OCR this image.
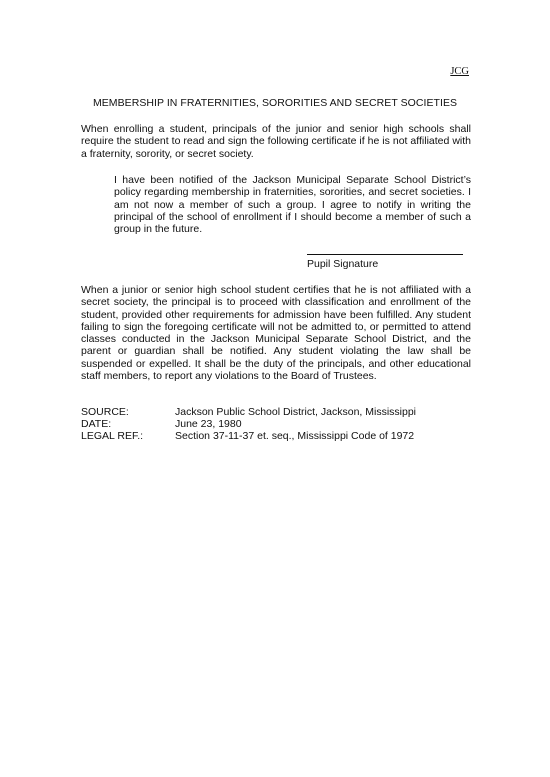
JCG
MEMBERSHIP IN FRATERNITIES, SORORITIES AND SECRET SOCIETIES
When enrolling a student, principals of the junior and senior high schools shall require the student to read and sign the following certificate if he is not affiliated with a fraternity, sorority, or secret society.
I have been notified of the Jackson Municipal Separate School District’s policy regarding membership in fraternities, sororities, and secret societies. I am not now a member of such a group. I agree to notify in writing the principal of the school of enrollment if I should become a member of such a group in the future.
Pupil Signature
When a junior or senior high school student certifies that he is not affiliated with a secret society, the principal is to proceed with classification and enrollment of the student, provided other requirements for admission have been fulfilled. Any student failing to sign the foregoing certificate will not be admitted to, or permitted to attend classes conducted in the Jackson Municipal Separate School District, and the parent or guardian shall be notified. Any student violating the law shall be suspended or expelled. It shall be the duty of the principals, and other educational staff members, to report any violations to the Board of Trustees.
SOURCE:	Jackson Public School District, Jackson, Mississippi
DATE:	June 23, 1980
LEGAL REF.:	Section 37-11-37 et. seq., Mississippi Code of 1972
